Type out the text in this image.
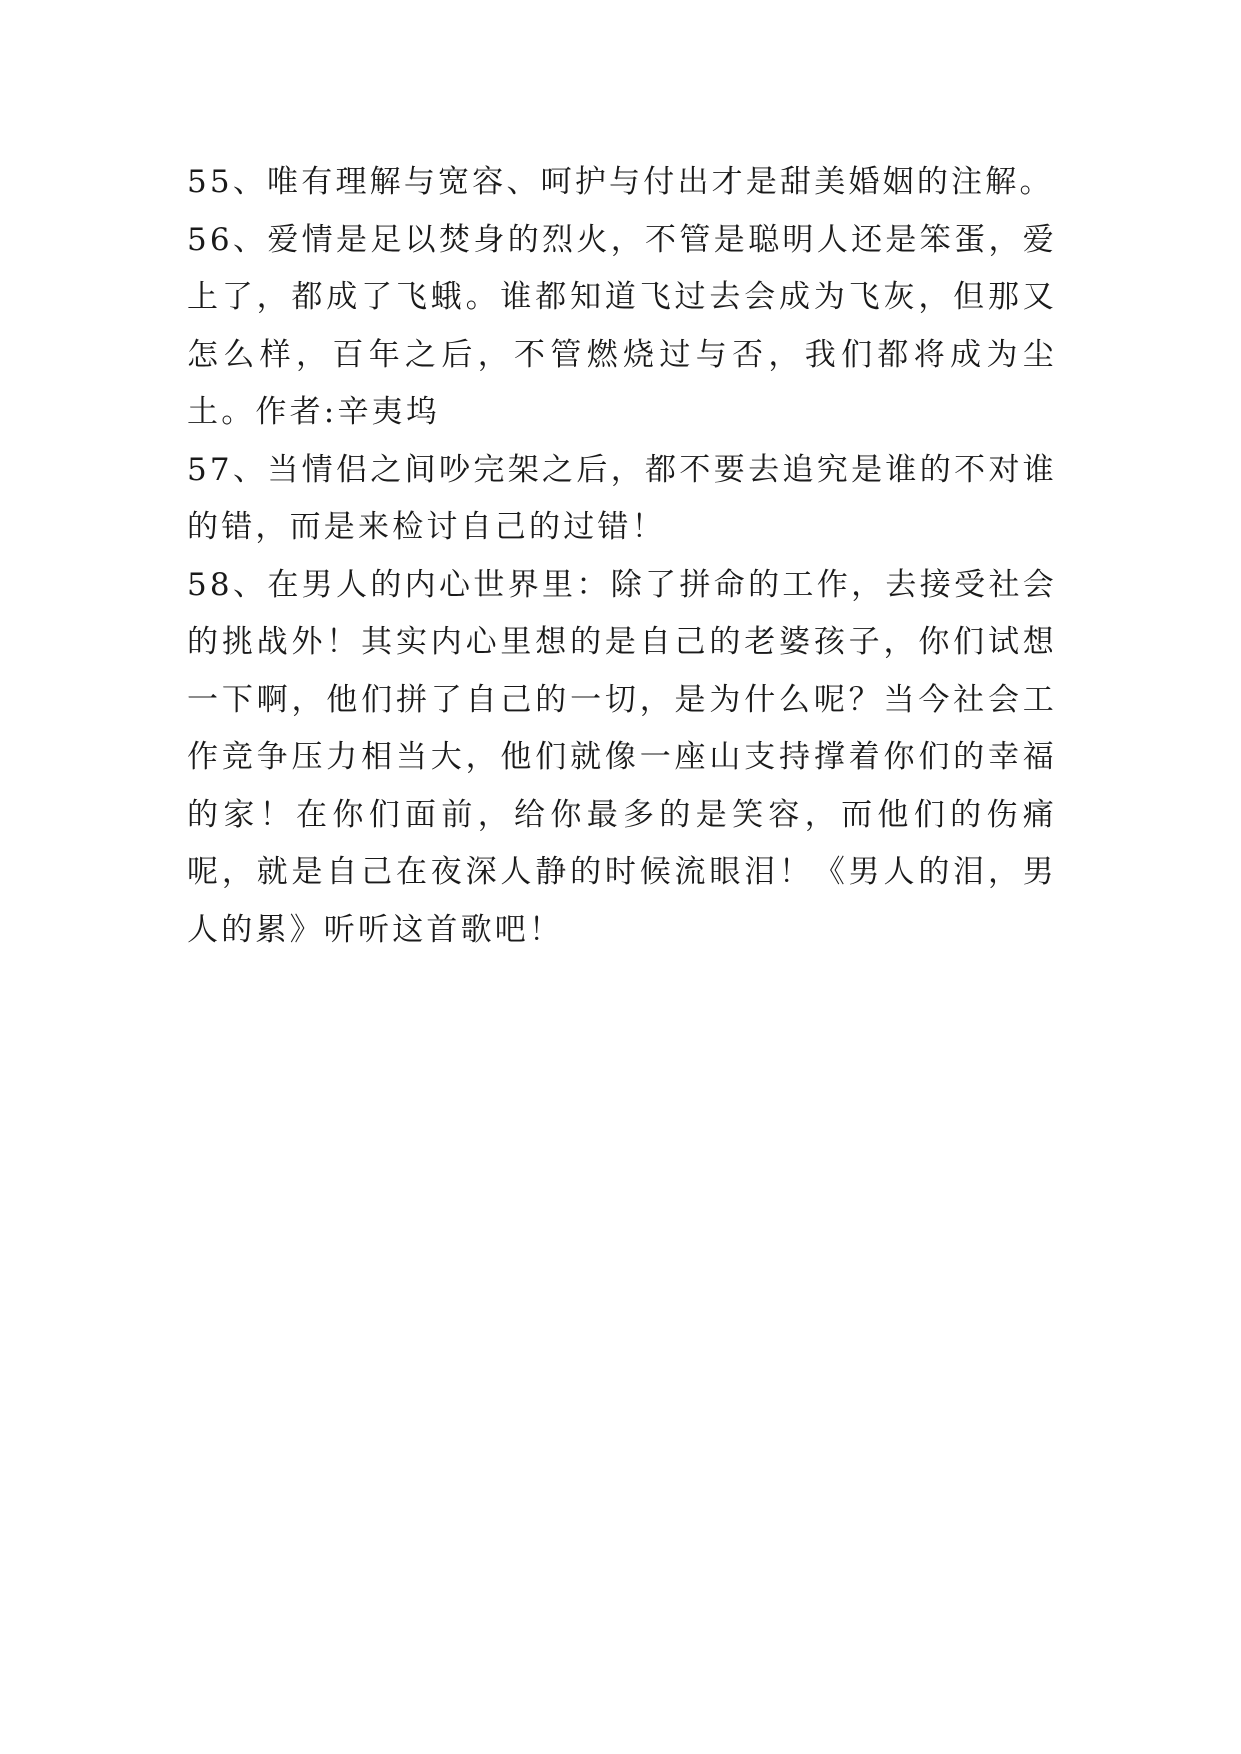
55、唯有理解与宽容、呵护与付出才是甜美婚姻的注解。

56、爱情是足以焚身的烈火，不管是聪明人还是笨蛋，爱上了，都成了飞蛾。谁都知道飞过去会成为飞灰，但那又怎么样，百年之后，不管燃烧过与否，我们都将成为尘土。作者:辛夷坞

57、当情侣之间吵完架之后，都不要去追究是谁的不对谁的错，而是来检讨自己的过错！

58、在男人的内心世界里：除了拼命的工作，去接受社会的挑战外！其实内心里想的是自己的老婆孩子，你们试想一下啊，他们拼了自己的一切，是为什么呢？当今社会工作竞争压力相当大，他们就像一座山支持撑着你们的幸福的家！在你们面前，给你最多的是笑容，而他们的伤痛呢，就是自己在夜深人静的时候流眼泪！《男人的泪，男人的累》听听这首歌吧！
